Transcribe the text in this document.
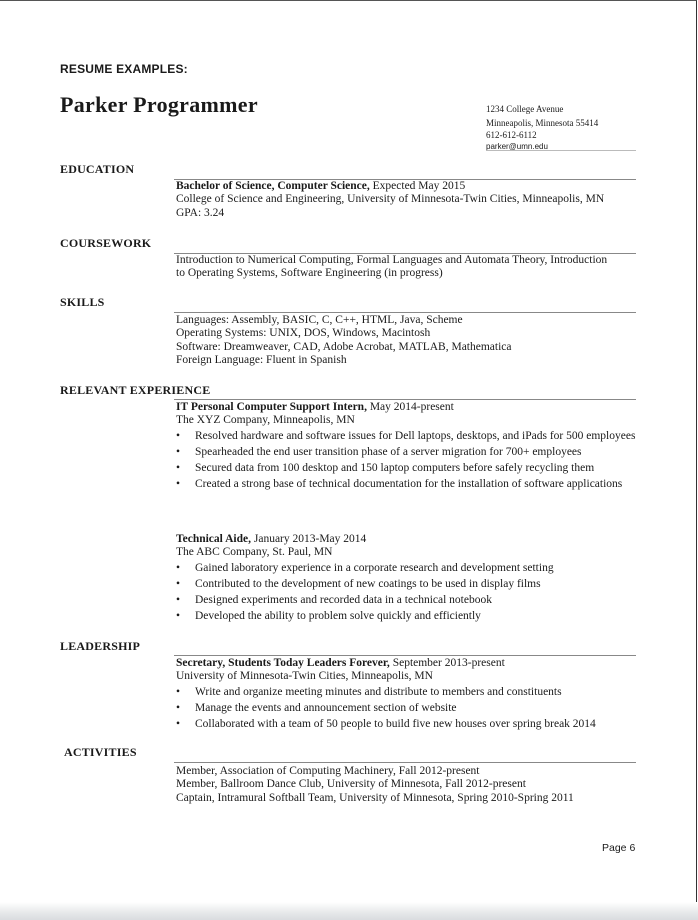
RESUME EXAMPLES:
Parker Programmer	1234 College Avenue
Minneapolis, Minnesota 55414
612-612-6112
parker@umn.edu
EDUCATION
Bachelor of Science, Computer Science, Expected May 2015
College of Science and Engineering, University of Minnesota-Twin Cities, Minneapolis, MN
GPA: 3.24
COURSEWORK
Introduction to Numerical Computing, Formal Languages and Automata Theory, Introduction
to Operating Systems, Software Engineering (in progress)
SKILLS
Languages: Assembly, BASIC, C, C++, HTML, Java, Scheme
Operating Systems: UNIX, DOS, Windows, Macintosh
Software: Dreamweaver, CAD, Adobe Acrobat, MATLAB, Mathematica
Foreign Language: Fluent in Spanish
RELEVANT EXPERIENCE
IT Personal Computer Support Intern, May 2014-present
The XYZ Company, Minneapolis, MN
• Resolved hardware and software issues for Dell laptops, desktops, and iPads for 500 employees
• Spearheaded the end user transition phase of a server migration for 700+ employees
• Secured data from 100 desktop and 150 laptop computers before safely recycling them
• Created a strong base of technical documentation for the installation of software applications
Technical Aide, January 2013-May 2014
The ABC Company, St. Paul, MN
• Gained laboratory experience in a corporate research and development setting
• Contributed to the development of new coatings to be used in display films
• Designed experiments and recorded data in a technical notebook
• Developed the ability to problem solve quickly and efficiently
LEADERSHIP
Secretary, Students Today Leaders Forever, September 2013-present
University of Minnesota-Twin Cities, Minneapolis, MN
• Write and organize meeting minutes and distribute to members and constituents
• Manage the events and announcement section of website
• Collaborated with a team of 50 people to build five new houses over spring break 2014
ACTIVITIES
Member, Association of Computing Machinery, Fall 2012-present
Member, Ballroom Dance Club, University of Minnesota, Fall 2012-present
Captain, Intramural Softball Team, University of Minnesota, Spring 2010-Spring 2011
Page 6
